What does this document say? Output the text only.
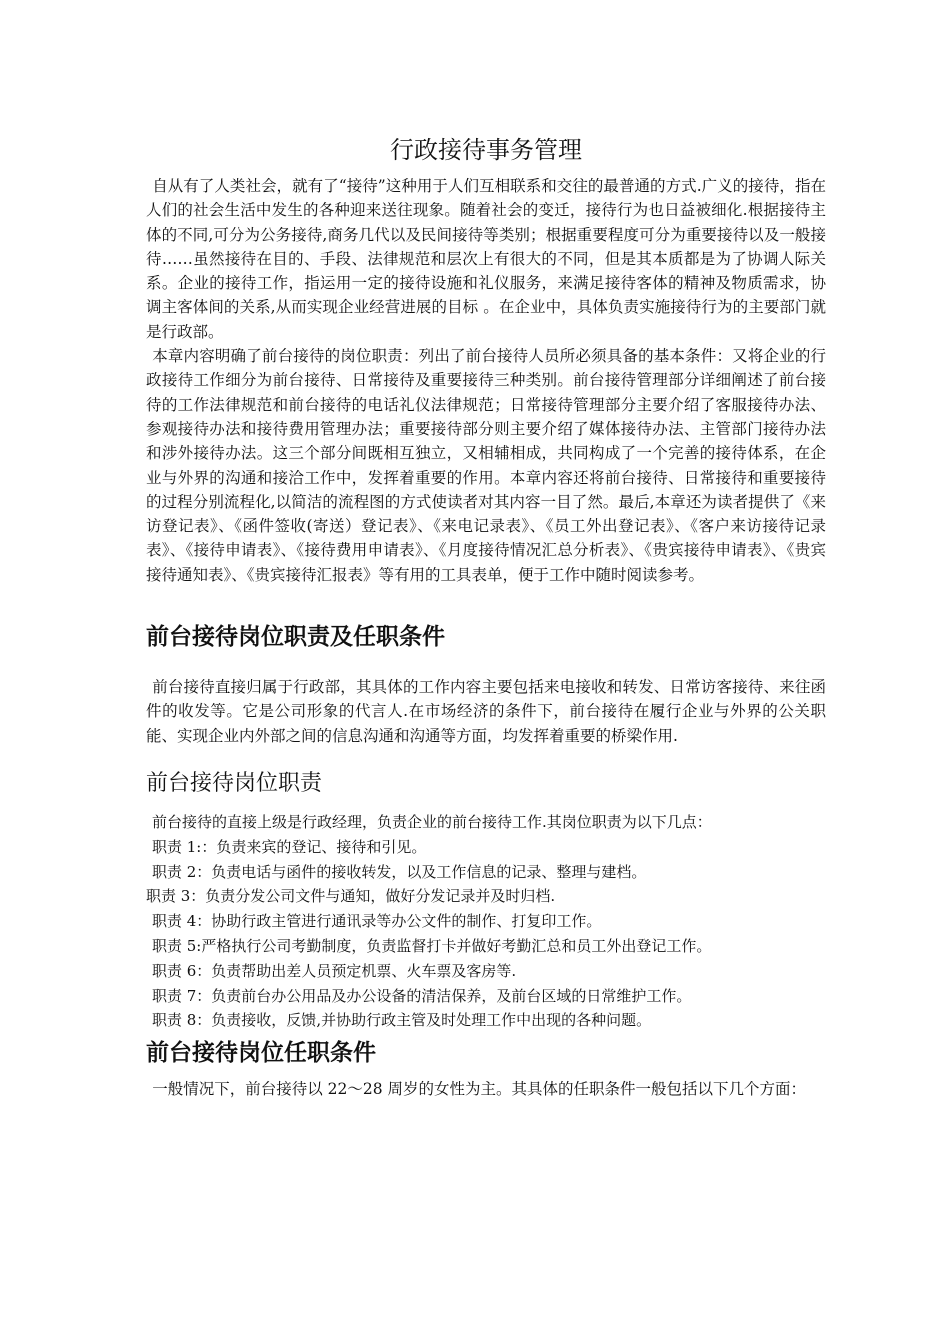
行政接待事务管理

自从有了人类社会，就有了“接待”这种用于人们互相联系和交往的最普通的方式.广义的接待，指在人们的社会生活中发生的各种迎来送往现象。随着社会的变迁，接待行为也日益被细化.根据接待主体的不同,可分为公务接待,商务几代以及民间接待等类别；根据重要程度可分为重要接待以及一般接待……虽然接待在目的、手段、法律规范和层次上有很大的不同，但是其本质都是为了协调人际关系。企业的接待工作，指运用一定的接待设施和礼仪服务，来满足接待客体的精神及物质需求，协调主客体间的关系,从而实现企业经营进展的目标 。在企业中，具体负责实施接待行为的主要部门就是行政部。

本章内容明确了前台接待的岗位职责：列出了前台接待人员所必须具备的基本条件：又将企业的行政接待工作细分为前台接待、日常接待及重要接待三种类别。前台接待管理部分详细阐述了前台接待的工作法律规范和前台接待的电话礼仪法律规范；日常接待管理部分主要介绍了客服接待办法、参观接待办法和接待费用管理办法；重要接待部分则主要介绍了媒体接待办法、主管部门接待办法和涉外接待办法。这三个部分间既相互独立，又相辅相成，共同构成了一个完善的接待体系，在企业与外界的沟通和接洽工作中，发挥着重要的作用。本章内容还将前台接待、日常接待和重要接待的过程分别流程化,以简洁的流程图的方式使读者对其内容一目了然。最后,本章还为读者提供了《来访登记表》、《函件签收(寄送）登记表》、《来电记录表》、《员工外出登记表》、《客户来访接待记录表》、《接待申请表》、《接待费用申请表》、《月度接待情况汇总分析表》、《贵宾接待申请表》、《贵宾接待通知表》、《贵宾接待汇报表》等有用的工具表单，便于工作中随时阅读参考。

前台接待岗位职责及任职条件

前台接待直接归属于行政部，其具体的工作内容主要包括来电接收和转发、日常访客接待、来往函件的收发等。它是公司形象的代言人.在市场经济的条件下，前台接待在履行企业与外界的公关职能、实现企业内外部之间的信息沟通和沟通等方面，均发挥着重要的桥梁作用.

前台接待岗位职责

前台接待的直接上级是行政经理，负责企业的前台接待工作.其岗位职责为以下几点：

职责 1:：负责来宾的登记、接待和引见。

职责 2：负责电话与函件的接收转发，以及工作信息的记录、整理与建档。

职责 3：负责分发公司文件与通知，做好分发记录并及时归档.

职责 4：协助行政主管进行通讯录等办公文件的制作、打复印工作。

职责 5:严格执行公司考勤制度，负责监督打卡并做好考勤汇总和员工外出登记工作。

职责 6：负责帮助出差人员预定机票、火车票及客房等.

职责 7：负责前台办公用品及办公设备的清洁保养，及前台区域的日常维护工作。

职责 8：负责接收，反馈,并协助行政主管及时处理工作中出现的各种问题。

前台接待岗位任职条件

一般情况下，前台接待以 22～28 周岁的女性为主。其具体的任职条件一般包括以下几个方面：
